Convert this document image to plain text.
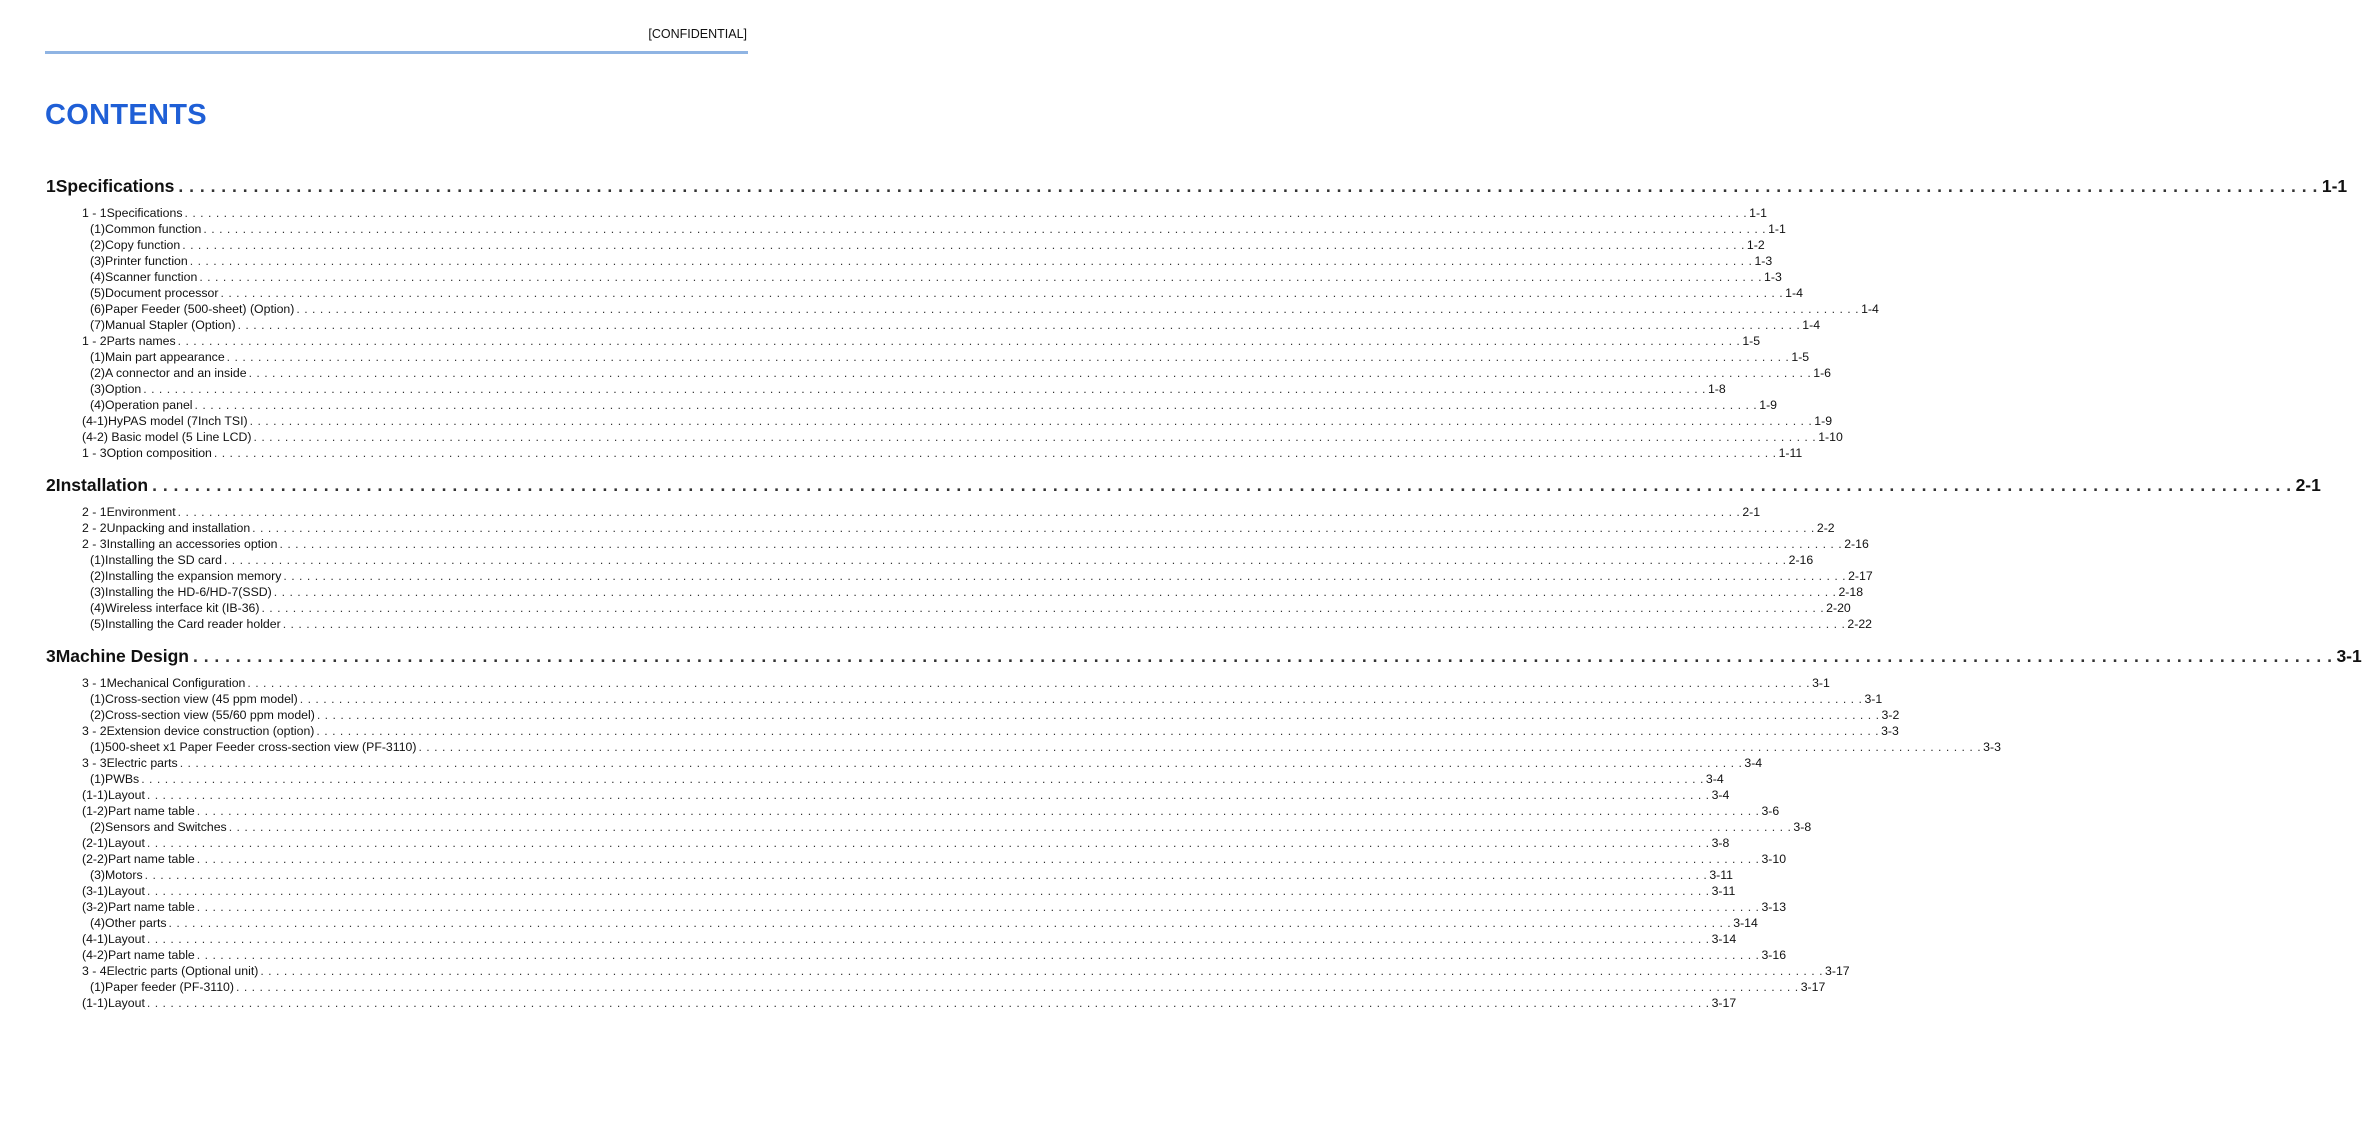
[CONFIDENTIAL]
CONTENTS
1 Specifications . . . . . . . . . . . . . . . . . . . . . . . . . . . . . . . . . . . . . . . . . . . . . . . . . . . . . . . . . . . . . . . . . . . . . . . . . . . . . . . . . . . . . . . . . . . . . . . . . . . . . . . . . . . . . . . . . . . . . . . . . . . . . . . . . . . . . . . . . . . . . . . . . . . . . . . . . . . . . . . . . . . . . . . . . . . . . . . . . . . . . . . . . . . . . . . . . . . . . . . . 1-1
1 - 1 Specifications . . . . . . . . . . . . . . . . . . . . . . . . . . . . . . . . . . . . . . . . . . . . . . . . . . . . . . . . . . . . . . . . . . . . . . . . . . . . . . . . . . . . . . . . . . . . . . . . . . . . . . . . . . . . . . . . . . . . . . . . . . . . . . . . . . . . . . . . . . . . . . . . . . . . . . . . . . . . . . . . . . . . . . . . . . . . . . . . . . . . . . . . . . . . . . . . . . . . . . . . 1-1
(1) Common function . . . . . . . . . . . . . . . . . . . . . . . . . . . . . . . . . . . . . . . . . . . . . . . . . . . . . . . . . . . . . . . . . . . . . . . . . . . . . . . . . . . . . . . . . . . . . . . . . . . . . . . . . . . . . . . . . . . . . . . . . . . . . . . . . . . . . . . . . . . . . . . . . . . . . . . . . . . . . . . . . . . . . . . . . . . . . . . . . . . . . . . . . . . . . . . . . . . . . . . . 1-1
(2) Copy function . . . . . . . . . . . . . . . . . . . . . . . . . . . . . . . . . . . . . . . . . . . . . . . . . . . . . . . . . . . . . . . . . . . . . . . . . . . . . . . . . . . . . . . . . . . . . . . . . . . . . . . . . . . . . . . . . . . . . . . . . . . . . . . . . . . . . . . . . . . . . . . . . . . . . . . . . . . . . . . . . . . . . . . . . . . . . . . . . . . . . . . . . . . . . . . . . . . . . . . . 1-2
(3) Printer function . . . . . . . . . . . . . . . . . . . . . . . . . . . . . . . . . . . . . . . . . . . . . . . . . . . . . . . . . . . . . . . . . . . . . . . . . . . . . . . . . . . . . . . . . . . . . . . . . . . . . . . . . . . . . . . . . . . . . . . . . . . . . . . . . . . . . . . . . . . . . . . . . . . . . . . . . . . . . . . . . . . . . . . . . . . . . . . . . . . . . . . . . . . . . . . . . . . . . . . . 1-3
(4) Scanner function . . . . . . . . . . . . . . . . . . . . . . . . . . . . . . . . . . . . . . . . . . . . . . . . . . . . . . . . . . . . . . . . . . . . . . . . . . . . . . . . . . . . . . . . . . . . . . . . . . . . . . . . . . . . . . . . . . . . . . . . . . . . . . . . . . . . . . . . . . . . . . . . . . . . . . . . . . . . . . . . . . . . . . . . . . . . . . . . . . . . . . . . . . . . . . . . . . . . . . . . 1-3
(5) Document processor . . . . . . . . . . . . . . . . . . . . . . . . . . . . . . . . . . . . . . . . . . . . . . . . . . . . . . . . . . . . . . . . . . . . . . . . . . . . . . . . . . . . . . . . . . . . . . . . . . . . . . . . . . . . . . . . . . . . . . . . . . . . . . . . . . . . . . . . . . . . . . . . . . . . . . . . . . . . . . . . . . . . . . . . . . . . . . . . . . . . . . . . . . . . . . . . . . . . . . . . 1-4
(6) Paper Feeder (500-sheet) (Option) . . . . . . . . . . . . . . . . . . . . . . . . . . . . . . . . . . . . . . . . . . . . . . . . . . . . . . . . . . . . . . . . . . . . . . . . . . . . . . . . . . . . . . . . . . . . . . . . . . . . . . . . . . . . . . . . . . . . . . . . . . . . . . . . . . . . . . . . . . . . . . . . . . . . . . . . . . . . . . . . . . . . . . . . . . . . . . . . . . . . . . . . . . . . . . . . . . . . . . . . 1-4
(7) Manual Stapler (Option) . . . . . . . . . . . . . . . . . . . . . . . . . . . . . . . . . . . . . . . . . . . . . . . . . . . . . . . . . . . . . . . . . . . . . . . . . . . . . . . . . . . . . . . . . . . . . . . . . . . . . . . . . . . . . . . . . . . . . . . . . . . . . . . . . . . . . . . . . . . . . . . . . . . . . . . . . . . . . . . . . . . . . . . . . . . . . . . . . . . . . . . . . . . . . . . . . . . . . . . . 1-4
1 - 2 Parts names . . . . . . . . . . . . . . . . . . . . . . . . . . . . . . . . . . . . . . . . . . . . . . . . . . . . . . . . . . . . . . . . . . . . . . . . . . . . . . . . . . . . . . . . . . . . . . . . . . . . . . . . . . . . . . . . . . . . . . . . . . . . . . . . . . . . . . . . . . . . . . . . . . . . . . . . . . . . . . . . . . . . . . . . . . . . . . . . . . . . . . . . . . . . . . . . . . . . . . . . 1-5
(1) Main part appearance . . . . . . . . . . . . . . . . . . . . . . . . . . . . . . . . . . . . . . . . . . . . . . . . . . . . . . . . . . . . . . . . . . . . . . . . . . . . . . . . . . . . . . . . . . . . . . . . . . . . . . . . . . . . . . . . . . . . . . . . . . . . . . . . . . . . . . . . . . . . . . . . . . . . . . . . . . . . . . . . . . . . . . . . . . . . . . . . . . . . . . . . . . . . . . . . . . . . . . . . 1-5
(2) A connector and an inside . . . . . . . . . . . . . . . . . . . . . . . . . . . . . . . . . . . . . . . . . . . . . . . . . . . . . . . . . . . . . . . . . . . . . . . . . . . . . . . . . . . . . . . . . . . . . . . . . . . . . . . . . . . . . . . . . . . . . . . . . . . . . . . . . . . . . . . . . . . . . . . . . . . . . . . . . . . . . . . . . . . . . . . . . . . . . . . . . . . . . . . . . . . . . . . . . . . . . . . . 1-6
(3) Option . . . . . . . . . . . . . . . . . . . . . . . . . . . . . . . . . . . . . . . . . . . . . . . . . . . . . . . . . . . . . . . . . . . . . . . . . . . . . . . . . . . . . . . . . . . . . . . . . . . . . . . . . . . . . . . . . . . . . . . . . . . . . . . . . . . . . . . . . . . . . . . . . . . . . . . . . . . . . . . . . . . . . . . . . . . . . . . . . . . . . . . . . . . . . . . . . . . . . . . . 1-8
(4) Operation panel . . . . . . . . . . . . . . . . . . . . . . . . . . . . . . . . . . . . . . . . . . . . . . . . . . . . . . . . . . . . . . . . . . . . . . . . . . . . . . . . . . . . . . . . . . . . . . . . . . . . . . . . . . . . . . . . . . . . . . . . . . . . . . . . . . . . . . . . . . . . . . . . . . . . . . . . . . . . . . . . . . . . . . . . . . . . . . . . . . . . . . . . . . . . . . . . . . . . . . . . 1-9
(4-1)HyPAS model (7Inch TSI) . . . . . . . . . . . . . . . . . . . . . . . . . . . . . . . . . . . . . . . . . . . . . . . . . . . . . . . . . . . . . . . . . . . . . . . . . . . . . . . . . . . . . . . . . . . . . . . . . . . . . . . . . . . . . . . . . . . . . . . . . . . . . . . . . . . . . . . . . . . . . . . . . . . . . . . . . . . . . . . . . . . . . . . . . . . . . . . . . . . . . . . . . . . . . . . . . . . . . . . . 1-9
(4-2) Basic model (5 Line LCD) . . . . . . . . . . . . . . . . . . . . . . . . . . . . . . . . . . . . . . . . . . . . . . . . . . . . . . . . . . . . . . . . . . . . . . . . . . . . . . . . . . . . . . . . . . . . . . . . . . . . . . . . . . . . . . . . . . . . . . . . . . . . . . . . . . . . . . . . . . . . . . . . . . . . . . . . . . . . . . . . . . . . . . . . . . . . . . . . . . . . . . . . . . . . . . . . . . . . . . . . 1-10
1 - 3 Option composition . . . . . . . . . . . . . . . . . . . . . . . . . . . . . . . . . . . . . . . . . . . . . . . . . . . . . . . . . . . . . . . . . . . . . . . . . . . . . . . . . . . . . . . . . . . . . . . . . . . . . . . . . . . . . . . . . . . . . . . . . . . . . . . . . . . . . . . . . . . . . . . . . . . . . . . . . . . . . . . . . . . . . . . . . . . . . . . . . . . . . . . . . . . . . . . . . . . . . . . . 1-11
2 Installation . . . . . . . . . . . . . . . . . . . . . . . . . . . . . . . . . . . . . . . . . . . . . . . . . . . . . . . . . . . . . . . . . . . . . . . . . . . . . . . . . . . . . . . . . . . . . . . . . . . . . . . . . . . . . . . . . . . . . . . . . . . . . . . . . . . . . . . . . . . . . . . . . . . . . . . . . . . . . . . . . . . . . . . . . . . . . . . . . . . . . . . . . . . . . . . . . . . . . . . . 2-1
2 - 1 Environment . . . . . . . . . . . . . . . . . . . . . . . . . . . . . . . . . . . . . . . . . . . . . . . . . . . . . . . . . . . . . . . . . . . . . . . . . . . . . . . . . . . . . . . . . . . . . . . . . . . . . . . . . . . . . . . . . . . . . . . . . . . . . . . . . . . . . . . . . . . . . . . . . . . . . . . . . . . . . . . . . . . . . . . . . . . . . . . . . . . . . . . . . . . . . . . . . . . . . . . . 2-1
2 - 2 Unpacking and installation . . . . . . . . . . . . . . . . . . . . . . . . . . . . . . . . . . . . . . . . . . . . . . . . . . . . . . . . . . . . . . . . . . . . . . . . . . . . . . . . . . . . . . . . . . . . . . . . . . . . . . . . . . . . . . . . . . . . . . . . . . . . . . . . . . . . . . . . . . . . . . . . . . . . . . . . . . . . . . . . . . . . . . . . . . . . . . . . . . . . . . . . . . . . . . . . . . . . . . . . 2-2
2 - 3 Installing an accessories option . . . . . . . . . . . . . . . . . . . . . . . . . . . . . . . . . . . . . . . . . . . . . . . . . . . . . . . . . . . . . . . . . . . . . . . . . . . . . . . . . . . . . . . . . . . . . . . . . . . . . . . . . . . . . . . . . . . . . . . . . . . . . . . . . . . . . . . . . . . . . . . . . . . . . . . . . . . . . . . . . . . . . . . . . . . . . . . . . . . . . . . . . . . . . . . . . . . . . . . . 2-16
(1) Installing the SD card . . . . . . . . . . . . . . . . . . . . . . . . . . . . . . . . . . . . . . . . . . . . . . . . . . . . . . . . . . . . . . . . . . . . . . . . . . . . . . . . . . . . . . . . . . . . . . . . . . . . . . . . . . . . . . . . . . . . . . . . . . . . . . . . . . . . . . . . . . . . . . . . . . . . . . . . . . . . . . . . . . . . . . . . . . . . . . . . . . . . . . . . . . . . . . . . . . . . . . . . 2-16
(2) Installing the expansion memory . . . . . . . . . . . . . . . . . . . . . . . . . . . . . . . . . . . . . . . . . . . . . . . . . . . . . . . . . . . . . . . . . . . . . . . . . . . . . . . . . . . . . . . . . . . . . . . . . . . . . . . . . . . . . . . . . . . . . . . . . . . . . . . . . . . . . . . . . . . . . . . . . . . . . . . . . . . . . . . . . . . . . . . . . . . . . . . . . . . . . . . . . . . . . . . . . . . . . . . . 2-17
(3) Installing the HD-6/HD-7(SSD) . . . . . . . . . . . . . . . . . . . . . . . . . . . . . . . . . . . . . . . . . . . . . . . . . . . . . . . . . . . . . . . . . . . . . . . . . . . . . . . . . . . . . . . . . . . . . . . . . . . . . . . . . . . . . . . . . . . . . . . . . . . . . . . . . . . . . . . . . . . . . . . . . . . . . . . . . . . . . . . . . . . . . . . . . . . . . . . . . . . . . . . . . . . . . . . . . . . . . . . . 2-18
(4) Wireless interface kit (IB-36) . . . . . . . . . . . . . . . . . . . . . . . . . . . . . . . . . . . . . . . . . . . . . . . . . . . . . . . . . . . . . . . . . . . . . . . . . . . . . . . . . . . . . . . . . . . . . . . . . . . . . . . . . . . . . . . . . . . . . . . . . . . . . . . . . . . . . . . . . . . . . . . . . . . . . . . . . . . . . . . . . . . . . . . . . . . . . . . . . . . . . . . . . . . . . . . . . . . . . . . . 2-20
(5) Installing the Card reader holder . . . . . . . . . . . . . . . . . . . . . . . . . . . . . . . . . . . . . . . . . . . . . . . . . . . . . . . . . . . . . . . . . . . . . . . . . . . . . . . . . . . . . . . . . . . . . . . . . . . . . . . . . . . . . . . . . . . . . . . . . . . . . . . . . . . . . . . . . . . . . . . . . . . . . . . . . . . . . . . . . . . . . . . . . . . . . . . . . . . . . . . . . . . . . . . . . . . . . . . . 2-22
3 Machine Design . . . . . . . . . . . . . . . . . . . . . . . . . . . . . . . . . . . . . . . . . . . . . . . . . . . . . . . . . . . . . . . . . . . . . . . . . . . . . . . . . . . . . . . . . . . . . . . . . . . . . . . . . . . . . . . . . . . . . . . . . . . . . . . . . . . . . . . . . . . . . . . . . . . . . . . . . . . . . . . . . . . . . . . . . . . . . . . . . . . . . . . . . . . . . . . . . . . . . . . . 3-1
3 - 1 Mechanical Configuration . . . . . . . . . . . . . . . . . . . . . . . . . . . . . . . . . . . . . . . . . . . . . . . . . . . . . . . . . . . . . . . . . . . . . . . . . . . . . . . . . . . . . . . . . . . . . . . . . . . . . . . . . . . . . . . . . . . . . . . . . . . . . . . . . . . . . . . . . . . . . . . . . . . . . . . . . . . . . . . . . . . . . . . . . . . . . . . . . . . . . . . . . . . . . . . . . . . . . . . . 3-1
(1) Cross-section view (45 ppm model) . . . . . . . . . . . . . . . . . . . . . . . . . . . . . . . . . . . . . . . . . . . . . . . . . . . . . . . . . . . . . . . . . . . . . . . . . . . . . . . . . . . . . . . . . . . . . . . . . . . . . . . . . . . . . . . . . . . . . . . . . . . . . . . . . . . . . . . . . . . . . . . . . . . . . . . . . . . . . . . . . . . . . . . . . . . . . . . . . . . . . . . . . . . . . . . . . . . . . . . . 3-1
(2) Cross-section view (55/60 ppm model) . . . . . . . . . . . . . . . . . . . . . . . . . . . . . . . . . . . . . . . . . . . . . . . . . . . . . . . . . . . . . . . . . . . . . . . . . . . . . . . . . . . . . . . . . . . . . . . . . . . . . . . . . . . . . . . . . . . . . . . . . . . . . . . . . . . . . . . . . . . . . . . . . . . . . . . . . . . . . . . . . . . . . . . . . . . . . . . . . . . . . . . . . . . . . . . . . . . . . . . . 3-2
3 - 2 Extension device construction (option) . . . . . . . . . . . . . . . . . . . . . . . . . . . . . . . . . . . . . . . . . . . . . . . . . . . . . . . . . . . . . . . . . . . . . . . . . . . . . . . . . . . . . . . . . . . . . . . . . . . . . . . . . . . . . . . . . . . . . . . . . . . . . . . . . . . . . . . . . . . . . . . . . . . . . . . . . . . . . . . . . . . . . . . . . . . . . . . . . . . . . . . . . . . . . . . . . . . . . . . . 3-3
(1) 500-sheet x1 Paper Feeder cross-section view (PF-3110) . . . . . . . . . . . . . . . . . . . . . . . . . . . . . . . . . . . . . . . . . . . . . . . . . . . . . . . . . . . . . . . . . . . . . . . . . . . . . . . . . . . . . . . . . . . . . . . . . . . . . . . . . . . . . . . . . . . . . . . . . . . . . . . . . . . . . . . . . . . . . . . . . . . . . . . . . . . . . . . . . . . . . . . . . . . . . . . . . . . . . . . . . . . . . . . . . . . . . . . . 3-3
3 - 3 Electric parts . . . . . . . . . . . . . . . . . . . . . . . . . . . . . . . . . . . . . . . . . . . . . . . . . . . . . . . . . . . . . . . . . . . . . . . . . . . . . . . . . . . . . . . . . . . . . . . . . . . . . . . . . . . . . . . . . . . . . . . . . . . . . . . . . . . . . . . . . . . . . . . . . . . . . . . . . . . . . . . . . . . . . . . . . . . . . . . . . . . . . . . . . . . . . . . . . . . . . . . . 3-4
(1) PWBs . . . . . . . . . . . . . . . . . . . . . . . . . . . . . . . . . . . . . . . . . . . . . . . . . . . . . . . . . . . . . . . . . . . . . . . . . . . . . . . . . . . . . . . . . . . . . . . . . . . . . . . . . . . . . . . . . . . . . . . . . . . . . . . . . . . . . . . . . . . . . . . . . . . . . . . . . . . . . . . . . . . . . . . . . . . . . . . . . . . . . . . . . . . . . . . . . . . . . . . . 3-4
(1-1)Layout . . . . . . . . . . . . . . . . . . . . . . . . . . . . . . . . . . . . . . . . . . . . . . . . . . . . . . . . . . . . . . . . . . . . . . . . . . . . . . . . . . . . . . . . . . . . . . . . . . . . . . . . . . . . . . . . . . . . . . . . . . . . . . . . . . . . . . . . . . . . . . . . . . . . . . . . . . . . . . . . . . . . . . . . . . . . . . . . . . . . . . . . . . . . . . . . . . . . . . . . 3-4
(1-2)Part name table . . . . . . . . . . . . . . . . . . . . . . . . . . . . . . . . . . . . . . . . . . . . . . . . . . . . . . . . . . . . . . . . . . . . . . . . . . . . . . . . . . . . . . . . . . . . . . . . . . . . . . . . . . . . . . . . . . . . . . . . . . . . . . . . . . . . . . . . . . . . . . . . . . . . . . . . . . . . . . . . . . . . . . . . . . . . . . . . . . . . . . . . . . . . . . . . . . . . . . . . 3-6
(2) Sensors and Switches . . . . . . . . . . . . . . . . . . . . . . . . . . . . . . . . . . . . . . . . . . . . . . . . . . . . . . . . . . . . . . . . . . . . . . . . . . . . . . . . . . . . . . . . . . . . . . . . . . . . . . . . . . . . . . . . . . . . . . . . . . . . . . . . . . . . . . . . . . . . . . . . . . . . . . . . . . . . . . . . . . . . . . . . . . . . . . . . . . . . . . . . . . . . . . . . . . . . . . . . 3-8
(2-1)Layout . . . . . . . . . . . . . . . . . . . . . . . . . . . . . . . . . . . . . . . . . . . . . . . . . . . . . . . . . . . . . . . . . . . . . . . . . . . . . . . . . . . . . . . . . . . . . . . . . . . . . . . . . . . . . . . . . . . . . . . . . . . . . . . . . . . . . . . . . . . . . . . . . . . . . . . . . . . . . . . . . . . . . . . . . . . . . . . . . . . . . . . . . . . . . . . . . . . . . . . . 3-8
(2-2)Part name table . . . . . . . . . . . . . . . . . . . . . . . . . . . . . . . . . . . . . . . . . . . . . . . . . . . . . . . . . . . . . . . . . . . . . . . . . . . . . . . . . . . . . . . . . . . . . . . . . . . . . . . . . . . . . . . . . . . . . . . . . . . . . . . . . . . . . . . . . . . . . . . . . . . . . . . . . . . . . . . . . . . . . . . . . . . . . . . . . . . . . . . . . . . . . . . . . . . . . . . . 3-10
(3) Motors . . . . . . . . . . . . . . . . . . . . . . . . . . . . . . . . . . . . . . . . . . . . . . . . . . . . . . . . . . . . . . . . . . . . . . . . . . . . . . . . . . . . . . . . . . . . . . . . . . . . . . . . . . . . . . . . . . . . . . . . . . . . . . . . . . . . . . . . . . . . . . . . . . . . . . . . . . . . . . . . . . . . . . . . . . . . . . . . . . . . . . . . . . . . . . . . . . . . . . . . 3-11
(3-1)Layout . . . . . . . . . . . . . . . . . . . . . . . . . . . . . . . . . . . . . . . . . . . . . . . . . . . . . . . . . . . . . . . . . . . . . . . . . . . . . . . . . . . . . . . . . . . . . . . . . . . . . . . . . . . . . . . . . . . . . . . . . . . . . . . . . . . . . . . . . . . . . . . . . . . . . . . . . . . . . . . . . . . . . . . . . . . . . . . . . . . . . . . . . . . . . . . . . . . . . . . . 3-11
(3-2)Part name table . . . . . . . . . . . . . . . . . . . . . . . . . . . . . . . . . . . . . . . . . . . . . . . . . . . . . . . . . . . . . . . . . . . . . . . . . . . . . . . . . . . . . . . . . . . . . . . . . . . . . . . . . . . . . . . . . . . . . . . . . . . . . . . . . . . . . . . . . . . . . . . . . . . . . . . . . . . . . . . . . . . . . . . . . . . . . . . . . . . . . . . . . . . . . . . . . . . . . . . . 3-13
(4) Other parts . . . . . . . . . . . . . . . . . . . . . . . . . . . . . . . . . . . . . . . . . . . . . . . . . . . . . . . . . . . . . . . . . . . . . . . . . . . . . . . . . . . . . . . . . . . . . . . . . . . . . . . . . . . . . . . . . . . . . . . . . . . . . . . . . . . . . . . . . . . . . . . . . . . . . . . . . . . . . . . . . . . . . . . . . . . . . . . . . . . . . . . . . . . . . . . . . . . . . . . . 3-14
(4-1)Layout . . . . . . . . . . . . . . . . . . . . . . . . . . . . . . . . . . . . . . . . . . . . . . . . . . . . . . . . . . . . . . . . . . . . . . . . . . . . . . . . . . . . . . . . . . . . . . . . . . . . . . . . . . . . . . . . . . . . . . . . . . . . . . . . . . . . . . . . . . . . . . . . . . . . . . . . . . . . . . . . . . . . . . . . . . . . . . . . . . . . . . . . . . . . . . . . . . . . . . . . 3-14
(4-2)Part name table . . . . . . . . . . . . . . . . . . . . . . . . . . . . . . . . . . . . . . . . . . . . . . . . . . . . . . . . . . . . . . . . . . . . . . . . . . . . . . . . . . . . . . . . . . . . . . . . . . . . . . . . . . . . . . . . . . . . . . . . . . . . . . . . . . . . . . . . . . . . . . . . . . . . . . . . . . . . . . . . . . . . . . . . . . . . . . . . . . . . . . . . . . . . . . . . . . . . . . . . 3-16
3 - 4 Electric parts (Optional unit) . . . . . . . . . . . . . . . . . . . . . . . . . . . . . . . . . . . . . . . . . . . . . . . . . . . . . . . . . . . . . . . . . . . . . . . . . . . . . . . . . . . . . . . . . . . . . . . . . . . . . . . . . . . . . . . . . . . . . . . . . . . . . . . . . . . . . . . . . . . . . . . . . . . . . . . . . . . . . . . . . . . . . . . . . . . . . . . . . . . . . . . . . . . . . . . . . . . . . . . . 3-17
(1) Paper feeder (PF-3110) . . . . . . . . . . . . . . . . . . . . . . . . . . . . . . . . . . . . . . . . . . . . . . . . . . . . . . . . . . . . . . . . . . . . . . . . . . . . . . . . . . . . . . . . . . . . . . . . . . . . . . . . . . . . . . . . . . . . . . . . . . . . . . . . . . . . . . . . . . . . . . . . . . . . . . . . . . . . . . . . . . . . . . . . . . . . . . . . . . . . . . . . . . . . . . . . . . . . . . . . 3-17
(1-1)Layout . . . . . . . . . . . . . . . . . . . . . . . . . . . . . . . . . . . . . . . . . . . . . . . . . . . . . . . . . . . . . . . . . . . . . . . . . . . . . . . . . . . . . . . . . . . . . . . . . . . . . . . . . . . . . . . . . . . . . . . . . . . . . . . . . . . . . . . . . . . . . . . . . . . . . . . . . . . . . . . . . . . . . . . . . . . . . . . . . . . . . . . . . . . . . . . . . . . . . . . . 3-17
